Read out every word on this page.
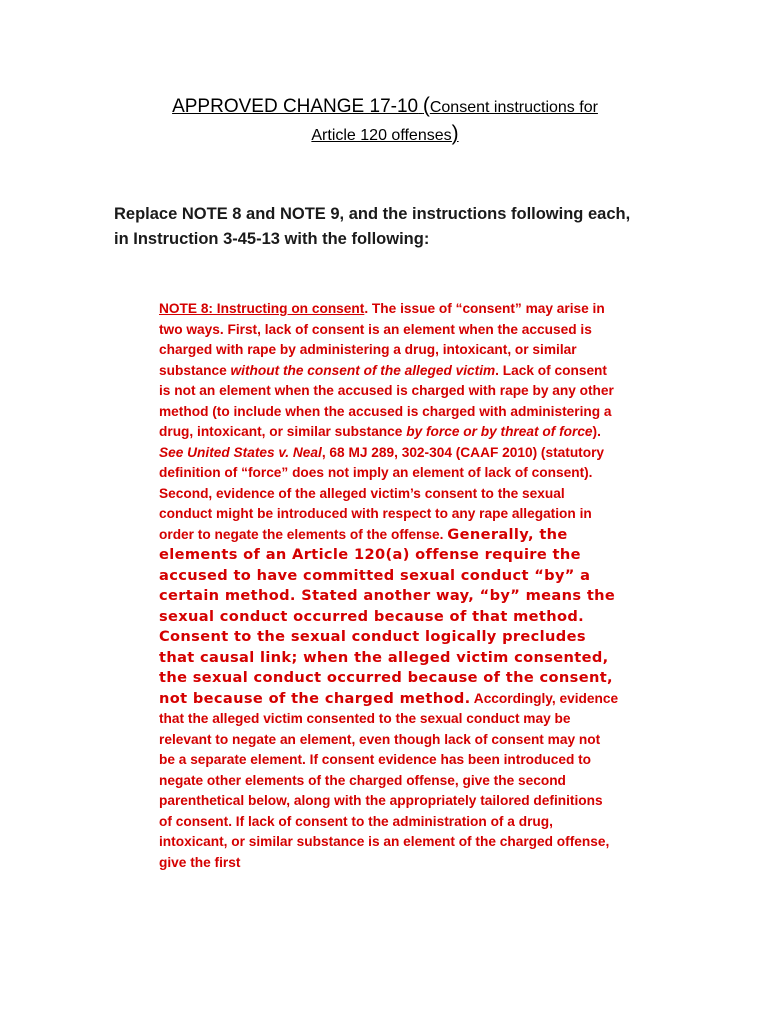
APPROVED CHANGE 17-10 (Consent instructions for
Article 120 offenses)

Replace NOTE 8 and NOTE 9, and the instructions following each, in Instruction 3-45-13 with the following:

NOTE 8: Instructing on consent. The issue of “consent” may arise in two ways. First, lack of consent is an element when the accused is charged with rape by administering a drug, intoxicant, or similar substance without the consent of the alleged victim. Lack of consent is not an element when the accused is charged with rape by any other method (to include when the accused is charged with administering a drug, intoxicant, or similar substance by force or by threat of force). See United States v. Neal, 68 MJ 289, 302-304 (CAAF 2010) (statutory definition of “force” does not imply an element of lack of consent). Second, evidence of the alleged victim’s consent to the sexual conduct might be introduced with respect to any rape allegation in order to negate the elements of the offense. Generally, the elements of an Article 120(a) offense require the accused to have committed sexual conduct “by” a certain method. Stated another way, “by” means the sexual conduct occurred because of that method. Consent to the sexual conduct logically precludes that causal link; when the alleged victim consented, the sexual conduct occurred because of the consent, not because of the charged method. Accordingly, evidence that the alleged victim consented to the sexual conduct may be relevant to negate an element, even though lack of consent may not be a separate element. If consent evidence has been introduced to negate other elements of the charged offense, give the second parenthetical below, along with the appropriately tailored definitions of consent. If lack of consent to the administration of a drug, intoxicant, or similar substance is an element of the charged offense, give the first
